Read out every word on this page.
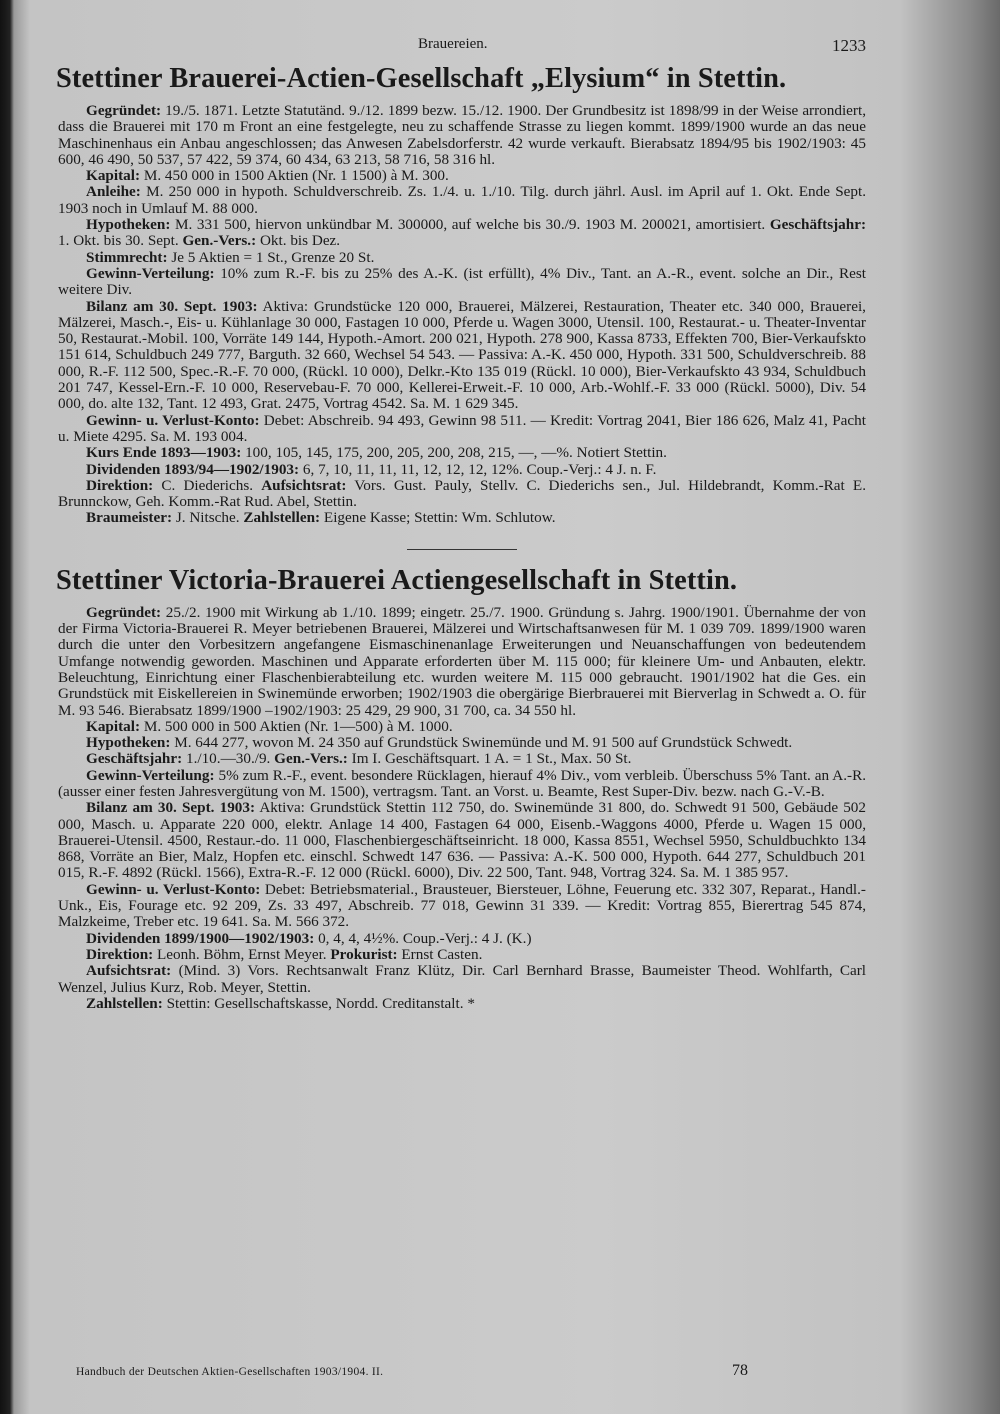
Brauereien.	1233
Stettiner Brauerei-Actien-Gesellschaft „Elysium“ in Stettin.

Gegründet: 19./5. 1871. Letzte Statutänd. 9./12. 1899 bezw. 15./12. 1900. Der Grundbesitz ist 1898/99 in der Weise arrondiert, dass die Brauerei mit 170 m Front an eine festgelegte, neu zu schaffende Strasse zu liegen kommt. 1899/1900 wurde an das neue Maschinenhaus ein Anbau angeschlossen; das Anwesen Zabelsdorferstr. 42 wurde verkauft. Bierabsatz 1894/95 bis 1902/1903: 45 600, 46 490, 50 537, 57 422, 59 374, 60 434, 63 213, 58 716, 58 316 hl.

Kapital: M. 450 000 in 1500 Aktien (Nr. 1 1500) à M. 300.

Anleihe: M. 250 000 in hypoth. Schuldverschreib. Zs. 1./4. u. 1./10. Tilg. durch jährl. Ausl. im April auf 1. Okt. Ende Sept. 1903 noch in Umlauf M. 88 000.

Hypotheken: M. 331 500, hiervon unkündbar M. 300000, auf welche bis 30./9. 1903 M. 200021, amortisiert. Geschäftsjahr: 1. Okt. bis 30. Sept. Gen.-Vers.: Okt. bis Dez.

Stimmrecht: Je 5 Aktien = 1 St., Grenze 20 St.

Gewinn-Verteilung: 10% zum R.-F. bis zu 25% des A.-K. (ist erfüllt), 4% Div., Tant. an A.-R., event. solche an Dir., Rest weitere Div.

Bilanz am 30. Sept. 1903: Aktiva: Grundstücke 120 000, Brauerei, Mälzerei, Restauration, Theater etc. 340 000, Brauerei, Mälzerei, Masch.-, Eis- u. Kühlanlage 30 000, Fastagen 10 000, Pferde u. Wagen 3000, Utensil. 100, Restaurat.- u. Theater-Inventar 50, Restaurat.-Mobil. 100, Vorräte 149 144, Hypoth.-Amort. 200 021, Hypoth. 278 900, Kassa 8733, Effekten 700, Bier-Verkaufskto 151 614, Schuldbuch 249 777, Barguth. 32 660, Wechsel 54 543. — Passiva: A.-K. 450 000, Hypoth. 331 500, Schuldverschreib. 88 000, R.-F. 112 500, Spec.-R.-F. 70 000, (Rückl. 10 000), Delkr.-Kto 135 019 (Rückl. 10 000), Bier-Verkaufskto 43 934, Schuldbuch 201 747, Kessel-Ern.-F. 10 000, Reservebau-F. 70 000, Kellerei-Erweit.-F. 10 000, Arb.-Wohlf.-F. 33 000 (Rückl. 5000), Div. 54 000, do. alte 132, Tant. 12 493, Grat. 2475, Vortrag 4542. Sa. M. 1 629 345.

Gewinn- u. Verlust-Konto: Debet: Abschreib. 94 493, Gewinn 98 511. — Kredit: Vortrag 2041, Bier 186 626, Malz 41, Pacht u. Miete 4295. Sa. M. 193 004.

Kurs Ende 1893—1903: 100, 105, 145, 175, 200, 205, 200, 208, 215, —, —%. Notiert Stettin.

Dividenden 1893/94—1902/1903: 6, 7, 10, 11, 11, 11, 12, 12, 12, 12%. Coup.-Verj.: 4 J. n. F.

Direktion: C. Diederichs. Aufsichtsrat: Vors. Gust. Pauly, Stellv. C. Diederichs sen., Jul. Hildebrandt, Komm.-Rat E. Brunnckow, Geh. Komm.-Rat Rud. Abel, Stettin.

Braumeister: J. Nitsche. Zahlstellen: Eigene Kasse; Stettin: Wm. Schlutow.

Stettiner Victoria-Brauerei Actiengesellschaft in Stettin.

Gegründet: 25./2. 1900 mit Wirkung ab 1./10. 1899; eingetr. 25./7. 1900. Gründung s. Jahrg. 1900/1901. Übernahme der von der Firma Victoria-Brauerei R. Meyer betriebenen Brauerei, Mälzerei und Wirtschaftsanwesen für M. 1 039 709. 1899/1900 waren durch die unter den Vorbesitzern angefangene Eismaschinenanlage Erweiterungen und Neuanschaffungen von bedeutendem Umfange notwendig geworden. Maschinen und Apparate erforderten über M. 115 000; für kleinere Um- und Anbauten, elektr. Beleuchtung, Einrichtung einer Flaschenbierabteilung etc. wurden weitere M. 115 000 gebraucht. 1901/1902 hat die Ges. ein Grundstück mit Eiskellereien in Swinemünde erworben; 1902/1903 die obergärige Bierbrauerei mit Bierverlag in Schwedt a. O. für M. 93 546. Bierabsatz 1899/1900 –1902/1903: 25 429, 29 900, 31 700, ca. 34 550 hl.

Kapital: M. 500 000 in 500 Aktien (Nr. 1—500) à M. 1000.

Hypotheken: M. 644 277, wovon M. 24 350 auf Grundstück Swinemünde und M. 91 500 auf Grundstück Schwedt.

Geschäftsjahr: 1./10.—30./9. Gen.-Vers.: Im I. Geschäftsquart. 1 A. = 1 St., Max. 50 St.

Gewinn-Verteilung: 5% zum R.-F., event. besondere Rücklagen, hierauf 4% Div., vom verbleib. Überschuss 5% Tant. an A.-R. (ausser einer festen Jahresvergütung von M. 1500), vertragsm. Tant. an Vorst. u. Beamte, Rest Super-Div. bezw. nach G.-V.-B.

Bilanz am 30. Sept. 1903: Aktiva: Grundstück Stettin 112 750, do. Swinemünde 31 800, do. Schwedt 91 500, Gebäude 502 000, Masch. u. Apparate 220 000, elektr. Anlage 14 400, Fastagen 64 000, Eisenb.-Waggons 4000, Pferde u. Wagen 15 000, Brauerei-Utensil. 4500, Restaur.-do. 11 000, Flaschenbiergeschäftseinricht. 18 000, Kassa 8551, Wechsel 5950, Schuldbuchkto 134 868, Vorräte an Bier, Malz, Hopfen etc. einschl. Schwedt 147 636. — Passiva: A.-K. 500 000, Hypoth. 644 277, Schuldbuch 201 015, R.-F. 4892 (Rückl. 1566), Extra-R.-F. 12 000 (Rückl. 6000), Div. 22 500, Tant. 948, Vortrag 324. Sa. M. 1 385 957.

Gewinn- u. Verlust-Konto: Debet: Betriebsmaterial., Brausteuer, Biersteuer, Löhne, Feuerung etc. 332 307, Reparat., Handl.-Unk., Eis, Fourage etc. 92 209, Zs. 33 497, Abschreib. 77 018, Gewinn 31 339. — Kredit: Vortrag 855, Bierertrag 545 874, Malzkeime, Treber etc. 19 641. Sa. M. 566 372.

Dividenden 1899/1900—1902/1903: 0, 4, 4, 4½%. Coup.-Verj.: 4 J. (K.)

Direktion: Leonh. Böhm, Ernst Meyer. Prokurist: Ernst Casten.

Aufsichtsrat: (Mind. 3) Vors. Rechtsanwalt Franz Klütz, Dir. Carl Bernhard Brasse, Baumeister Theod. Wohlfarth, Carl Wenzel, Julius Kurz, Rob. Meyer, Stettin.

Zahlstellen: Stettin: Gesellschaftskasse, Nordd. Creditanstalt. *

Handbuch der Deutschen Aktien-Gesellschaften 1903/1904. II.	78
